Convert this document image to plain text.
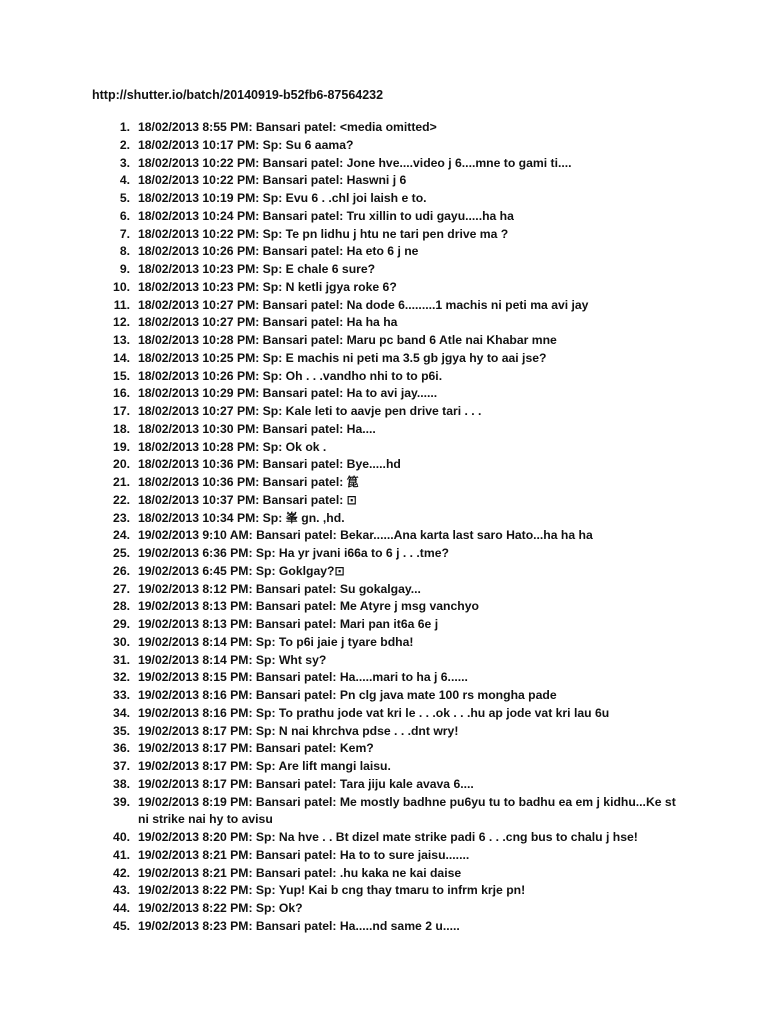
http://shutter.io/batch/20140919-b52fb6-87564232
1. 18/02/2013 8:55 PM: Bansari patel: <media omitted>
2. 18/02/2013 10:17 PM: Sp: Su 6 aama?
3. 18/02/2013 10:22 PM: Bansari patel: Jone hve....video j 6....mne to gami ti....
4. 18/02/2013 10:22 PM: Bansari patel: Haswni j 6
5. 18/02/2013 10:19 PM: Sp: Evu 6 . .chl joi laish e to.
6. 18/02/2013 10:24 PM: Bansari patel: Tru xillin to udi gayu.....ha ha
7. 18/02/2013 10:22 PM: Sp: Te pn lidhu j htu ne tari pen drive ma ?
8. 18/02/2013 10:26 PM: Bansari patel: Ha eto 6 j ne
9. 18/02/2013 10:23 PM: Sp: E chale 6 sure?
10. 18/02/2013 10:23 PM: Sp: N ketli jgya roke 6?
11. 18/02/2013 10:27 PM: Bansari patel: Na dode 6.........1 machis ni peti ma avi jay
12. 18/02/2013 10:27 PM: Bansari patel: Ha ha ha
13. 18/02/2013 10:28 PM: Bansari patel: Maru pc band 6 Atle nai Khabar mne
14. 18/02/2013 10:25 PM: Sp: E machis ni peti ma 3.5 gb jgya hy to aai jse?
15. 18/02/2013 10:26 PM: Sp: Oh . . .vandho nhi to to p6i.
16. 18/02/2013 10:29 PM: Bansari patel: Ha to avi jay......
17. 18/02/2013 10:27 PM: Sp: Kale leti to aavje pen drive tari . . .
18. 18/02/2013 10:30 PM: Bansari patel: Ha....
19. 18/02/2013 10:28 PM: Sp: Ok ok .
20. 18/02/2013 10:36 PM: Bansari patel: Bye.....hd
21. 18/02/2013 10:36 PM: Bansari patel: 箟
22. 18/02/2013 10:37 PM: Bansari patel: ⊡
23. 18/02/2013 10:34 PM: Sp: 峯 gn. ,hd.
24. 19/02/2013 9:10 AM: Bansari patel: Bekar......Ana karta last saro Hato...ha ha ha
25. 19/02/2013 6:36 PM: Sp: Ha yr jvani i66a to 6 j . . .tme?
26. 19/02/2013 6:45 PM: Sp: Goklgay?⊡
27. 19/02/2013 8:12 PM: Bansari patel: Su gokalgay...
28. 19/02/2013 8:13 PM: Bansari patel: Me Atyre j msg vanchyo
29. 19/02/2013 8:13 PM: Bansari patel: Mari pan it6a 6e j
30. 19/02/2013 8:14 PM: Sp: To p6i jaie j tyare bdha!
31. 19/02/2013 8:14 PM: Sp: Wht sy?
32. 19/02/2013 8:15 PM: Bansari patel: Ha.....mari to ha j 6......
33. 19/02/2013 8:16 PM: Bansari patel: Pn clg java mate 100 rs mongha pade
34. 19/02/2013 8:16 PM: Sp: To prathu jode vat kri le . . .ok . . .hu ap jode vat kri lau 6u
35. 19/02/2013 8:17 PM: Sp: N nai khrchva pdse . . .dnt wry!
36. 19/02/2013 8:17 PM: Bansari patel: Kem?
37. 19/02/2013 8:17 PM: Sp: Are lift mangi laisu.
38. 19/02/2013 8:17 PM: Bansari patel: Tara jiju kale avava 6....
39. 19/02/2013 8:19 PM: Bansari patel: Me mostly badhne pu6yu tu to badhu ea em j kidhu...Ke st ni strike nai hy to avisu
40. 19/02/2013 8:20 PM: Sp: Na hve . . Bt dizel mate strike padi 6 . . .cng bus to chalu j hse!
41. 19/02/2013 8:21 PM: Bansari patel: Ha to to sure jaisu.......
42. 19/02/2013 8:21 PM: Bansari patel: .hu kaka ne kai daise
43. 19/02/2013 8:22 PM: Sp: Yup! Kai b cng thay tmaru to infrm krje pn!
44. 19/02/2013 8:22 PM: Sp: Ok?
45. 19/02/2013 8:23 PM: Bansari patel: Ha.....nd same 2 u.....
